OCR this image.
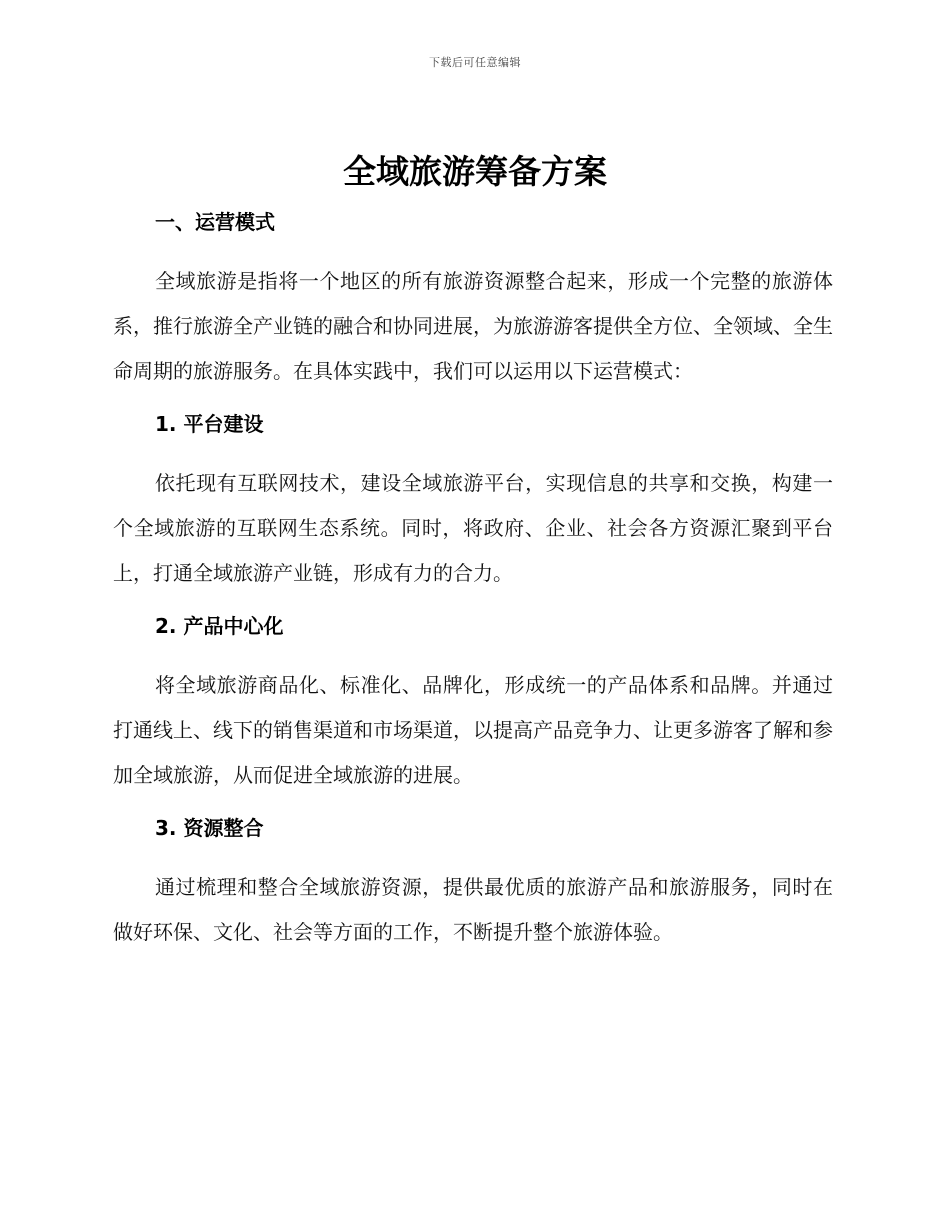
下载后可任意编辑
全域旅游筹备方案
一、运营模式

全域旅游是指将一个地区的所有旅游资源整合起来，形成一个完整的旅游体系，推行旅游全产业链的融合和协同进展，为旅游游客提供全方位、全领域、全生命周期的旅游服务。在具体实践中，我们可以运用以下运营模式：

1. 平台建设

依托现有互联网技术，建设全域旅游平台，实现信息的共享和交换，构建一个全域旅游的互联网生态系统。同时，将政府、企业、社会各方资源汇聚到平台上，打通全域旅游产业链，形成有力的合力。

2. 产品中心化

将全域旅游商品化、标准化、品牌化，形成统一的产品体系和品牌。并通过打通线上、线下的销售渠道和市场渠道，以提高产品竞争力、让更多游客了解和参加全域旅游，从而促进全域旅游的进展。

3. 资源整合

通过梳理和整合全域旅游资源，提供最优质的旅游产品和旅游服务，同时在做好环保、文化、社会等方面的工作，不断提升整个旅游体验。
